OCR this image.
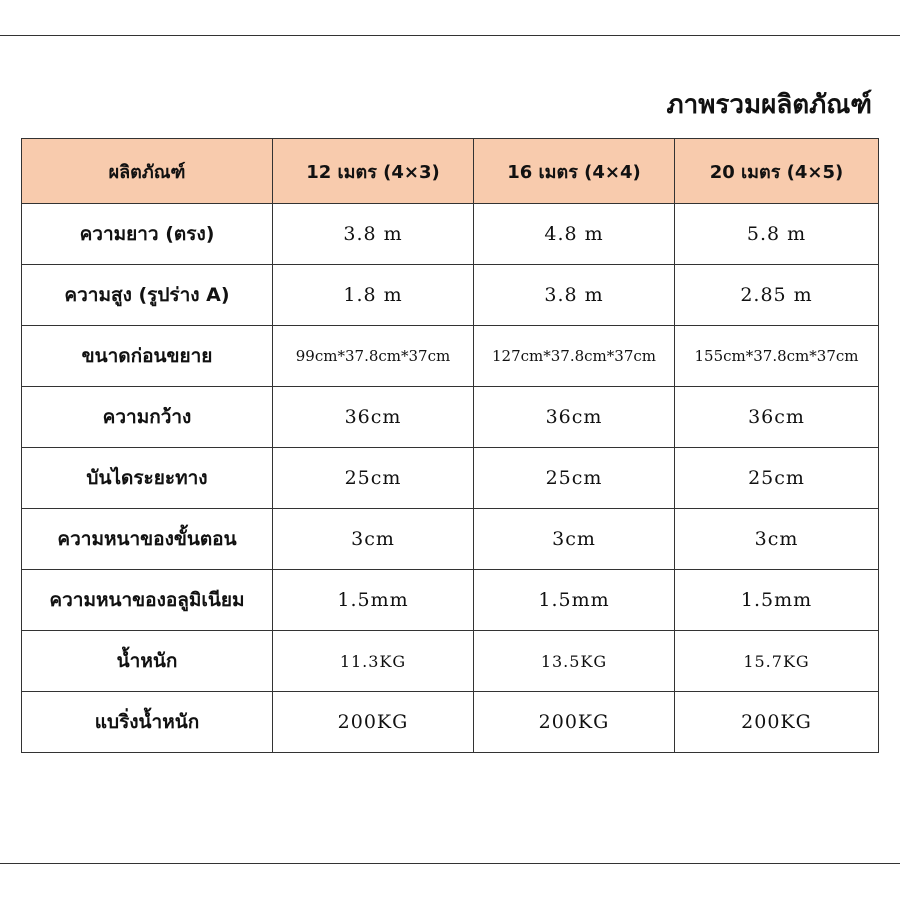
ภาพรวมผลิตภัณฑ์
ผลิตภัณฑ์	12 เมตร (4×3)	16 เมตร (4×4)	20 เมตร (4×5)
ความยาว (ตรง)	3.8 m	4.8 m	5.8 m
ความสูง (รูปร่าง A)	1.8 m	3.8 m	2.85 m
ขนาดก่อนขยาย	99cm*37.8cm*37cm	127cm*37.8cm*37cm	155cm*37.8cm*37cm
ความกว้าง	36cm	36cm	36cm
บันไดระยะทาง	25cm	25cm	25cm
ความหนาของขั้นตอน	3cm	3cm	3cm
ความหนาของอลูมิเนียม	1.5mm	1.5mm	1.5mm
น้ำหนัก	11.3KG	13.5KG	15.7KG
แบริ่งน้ำหนัก	200KG	200KG	200KG
